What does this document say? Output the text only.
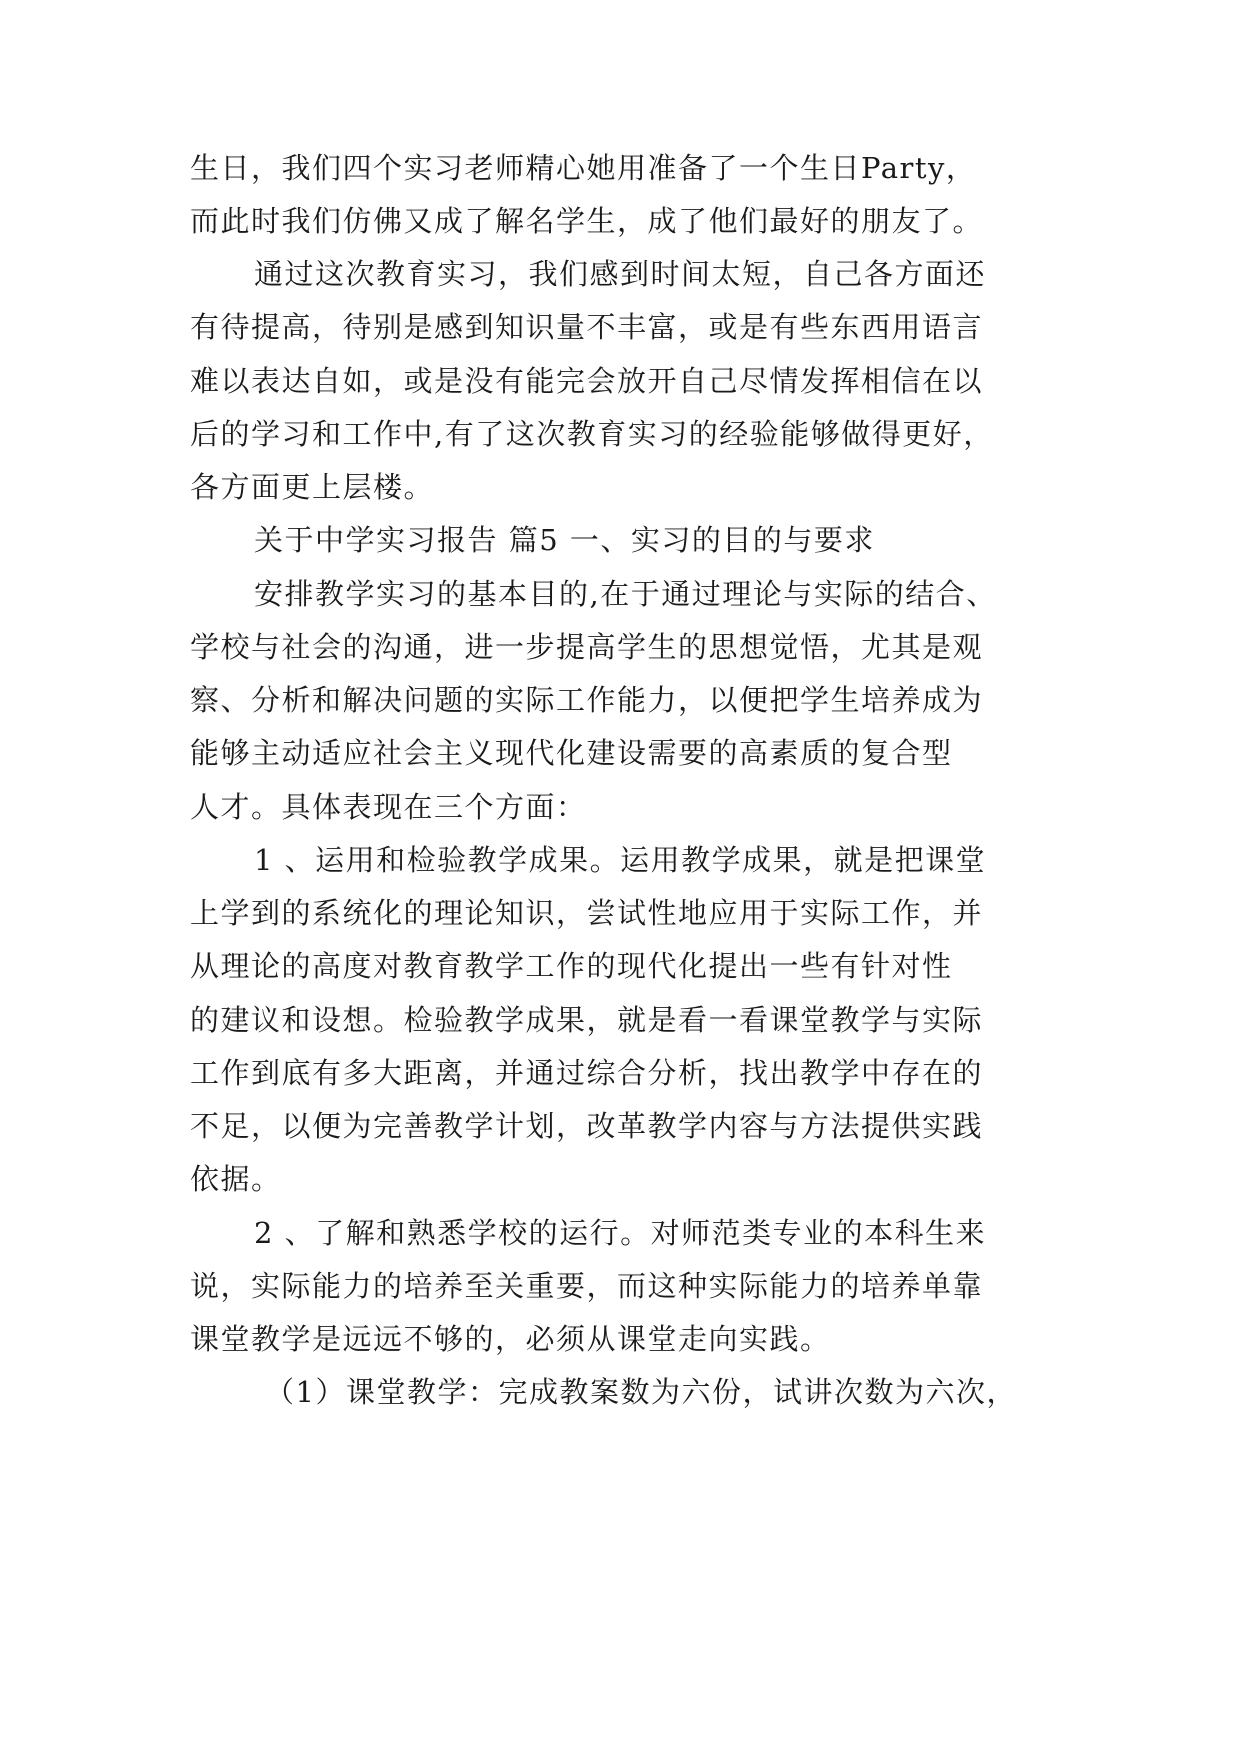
生日，我们四个实习老师精心她用准备了一个生日Party，
而此时我们仿佛又成了解名学生，成了他们最好的朋友了。
通过这次教育实习，我们感到时间太短，自己各方面还
有待提高，待别是感到知识量不丰富，或是有些东西用语言
难以表达自如，或是没有能完会放开自己尽情发挥相信在以
后的学习和工作中,有了这次教育实习的经验能够做得更好，
各方面更上层楼。
关于中学实习报告 篇5 一、实习的目的与要求
安排教学实习的基本目的,在于通过理论与实际的结合、
学校与社会的沟通，进一步提高学生的思想觉悟，尤其是观
察、分析和解决问题的实际工作能力，以便把学生培养成为
能够主动适应社会主义现代化建设需要的高素质的复合型
人才。具体表现在三个方面：
1 、运用和检验教学成果。运用教学成果，就是把课堂
上学到的系统化的理论知识，尝试性地应用于实际工作，并
从理论的高度对教育教学工作的现代化提出一些有针对性
的建议和设想。检验教学成果，就是看一看课堂教学与实际
工作到底有多大距离，并通过综合分析，找出教学中存在的
不足，以便为完善教学计划，改革教学内容与方法提供实践
依据。
2 、了解和熟悉学校的运行。对师范类专业的本科生来
说，实际能力的培养至关重要，而这种实际能力的培养单靠
课堂教学是远远不够的，必须从课堂走向实践。
（1）课堂教学：完成教案数为六份，试讲次数为六次，
